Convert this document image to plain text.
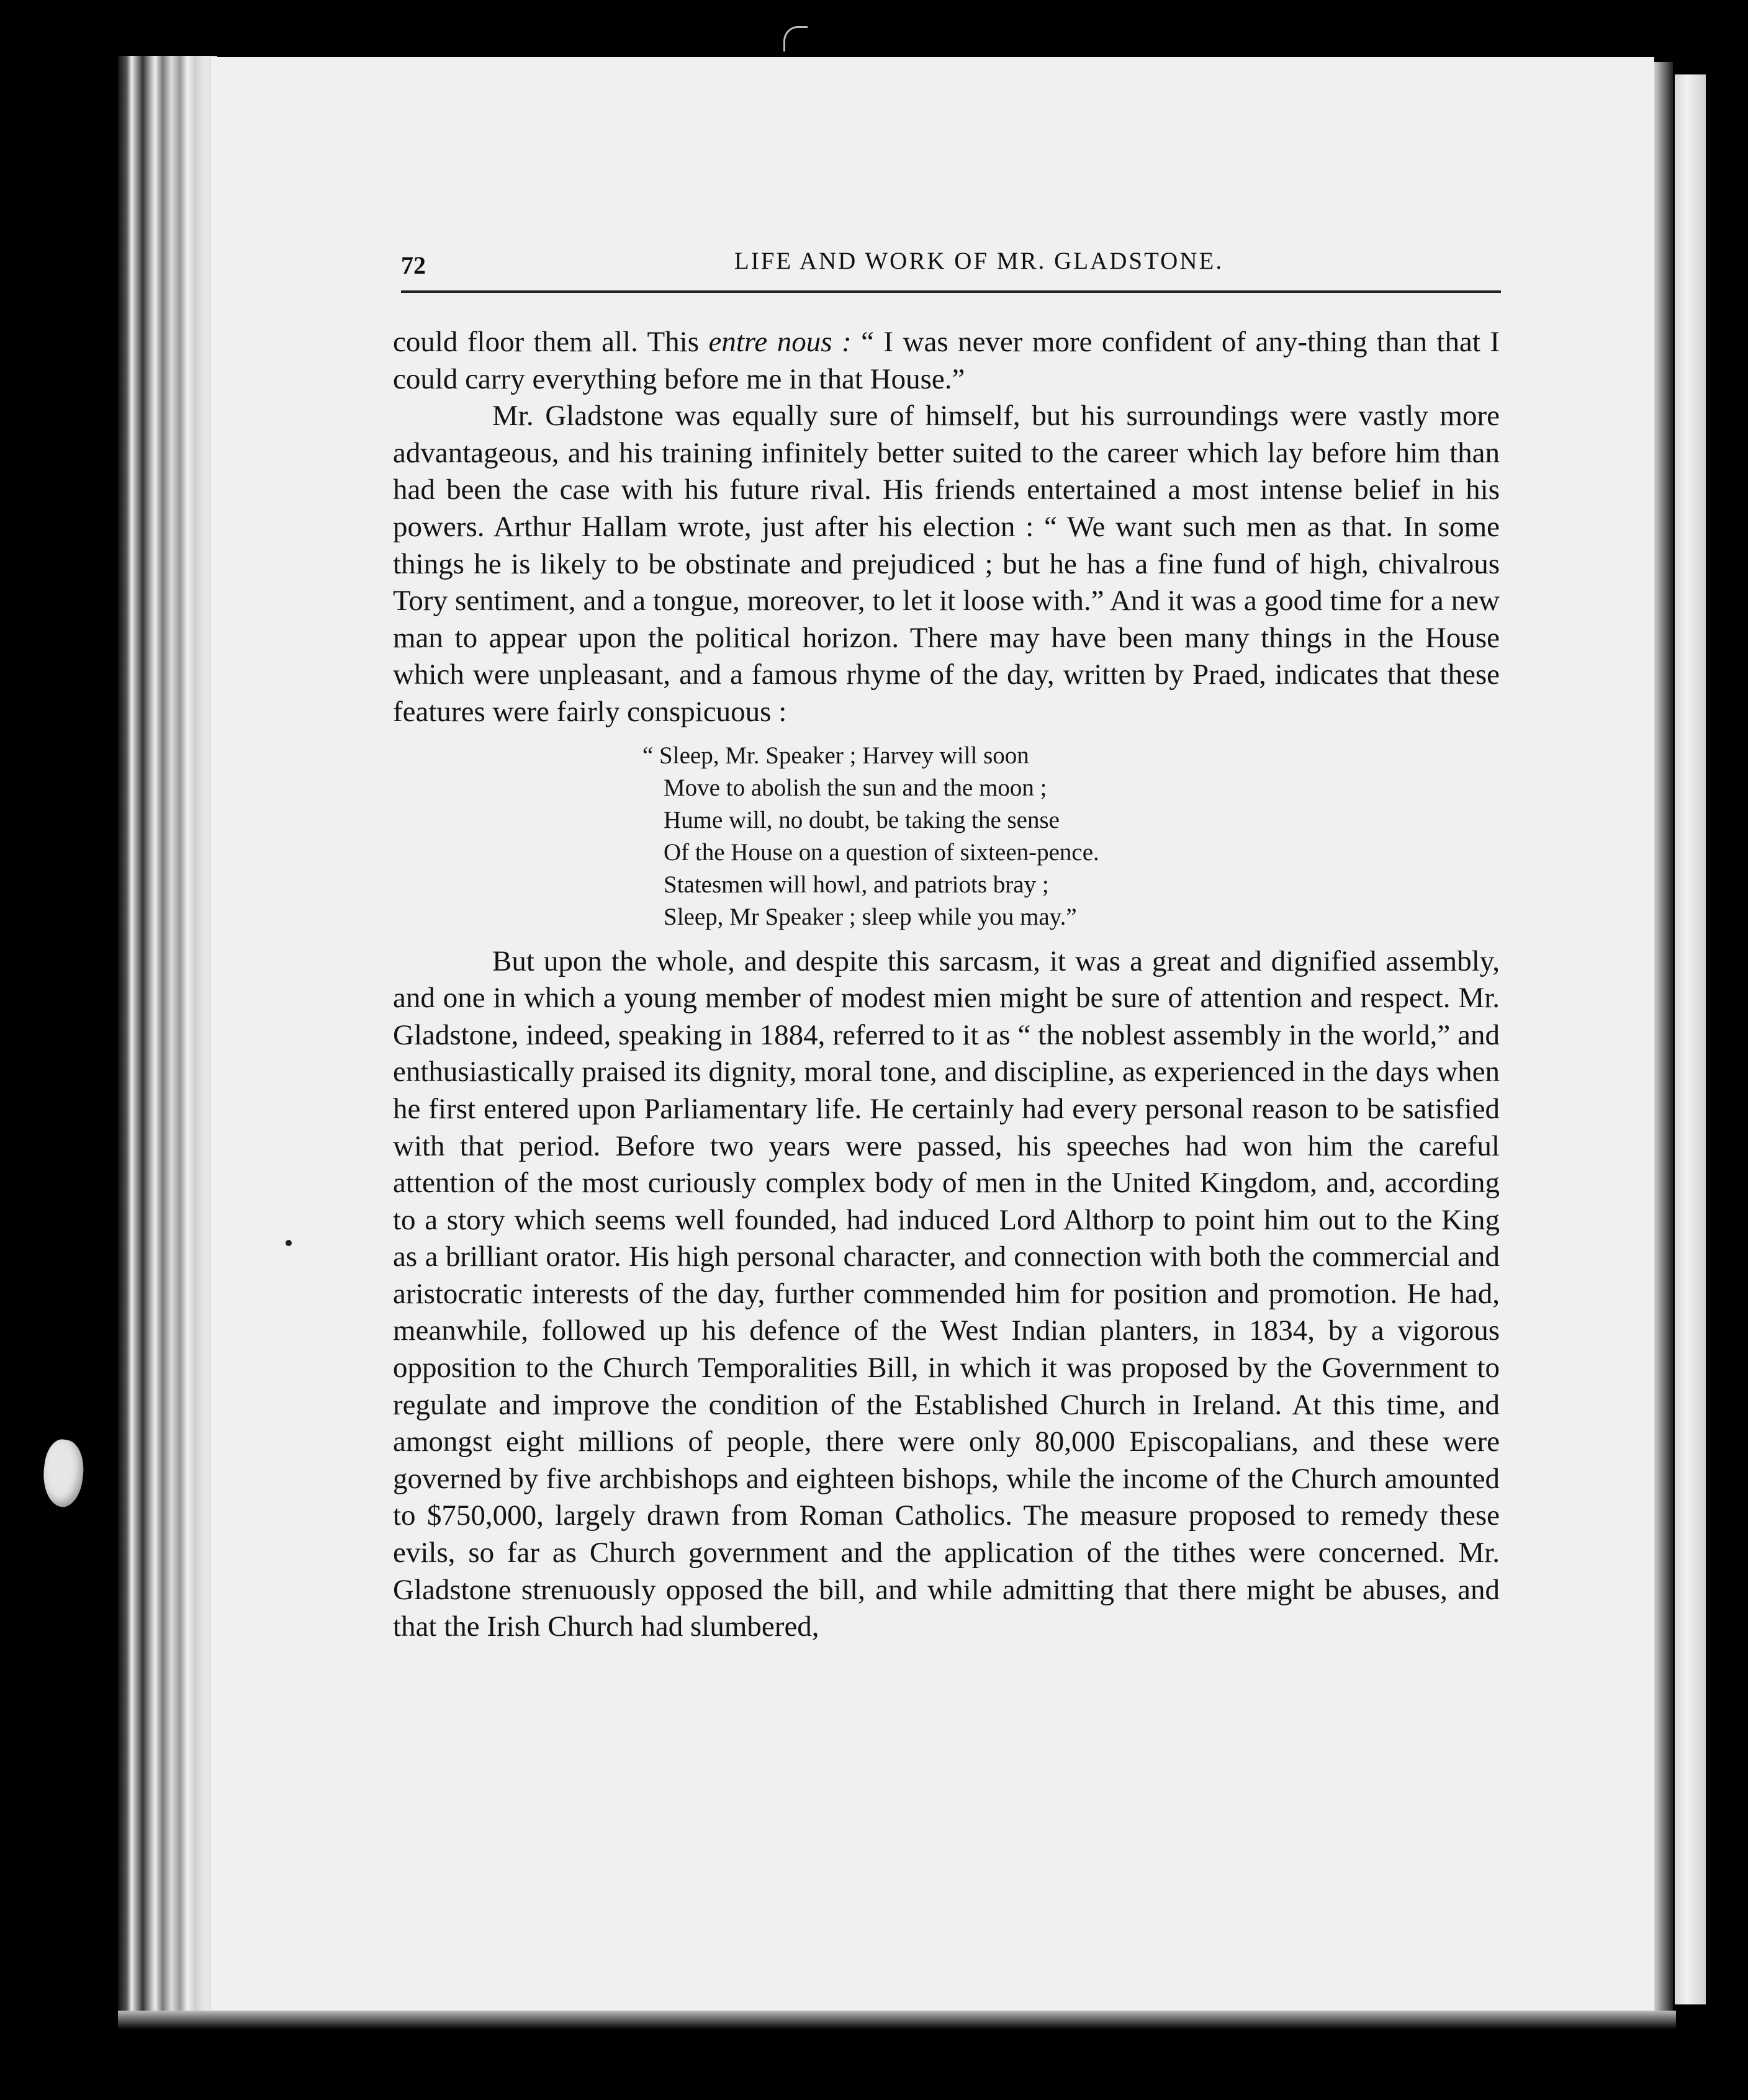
72	LIFE AND WORK OF MR. GLADSTONE.

could floor them all. This entre nous : “ I was never more confident of any-thing than that I could carry everything before me in that House.”

Mr. Gladstone was equally sure of himself, but his surroundings were vastly more advantageous, and his training infinitely better suited to the career which lay before him than had been the case with his future rival. His friends entertained a most intense belief in his powers. Arthur Hallam wrote, just after his election : “ We want such men as that. In some things he is likely to be obstinate and prejudiced ; but he has a fine fund of high, chivalrous Tory sentiment, and a tongue, moreover, to let it loose with.” And it was a good time for a new man to appear upon the political horizon. There may have been many things in the House which were unpleasant, and a famous rhyme of the day, written by Praed, indicates that these features were fairly conspicuous :

“ Sleep, Mr. Speaker ; Harvey will soon
Move to abolish the sun and the moon ;
Hume will, no doubt, be taking the sense
Of the House on a question of sixteen-pence.
Statesmen will howl, and patriots bray ;
Sleep, Mr Speaker ; sleep while you may.”

But upon the whole, and despite this sarcasm, it was a great and dignified assembly, and one in which a young member of modest mien might be sure of attention and respect. Mr. Gladstone, indeed, speaking in 1884, referred to it as “ the noblest assembly in the world,” and enthusiastically praised its dignity, moral tone, and discipline, as experienced in the days when he first entered upon Parliamentary life. He certainly had every personal reason to be satisfied with that period. Before two years were passed, his speeches had won him the careful attention of the most curiously complex body of men in the United Kingdom, and, according to a story which seems well founded, had induced Lord Althorp to point him out to the King as a brilliant orator. His high personal character, and connection with both the commercial and aristocratic interests of the day, further commended him for position and promotion. He had, meanwhile, followed up his defence of the West Indian planters, in 1834, by a vigorous opposition to the Church Temporalities Bill, in which it was proposed by the Government to regulate and improve the condition of the Established Church in Ireland. At this time, and amongst eight millions of people, there were only 80,000 Episcopalians, and these were governed by five archbishops and eighteen bishops, while the income of the Church amounted to $750,000, largely drawn from Roman Catholics. The measure proposed to remedy these evils, so far as Church government and the application of the tithes were concerned. Mr. Gladstone strenuously opposed the bill, and while admitting that there might be abuses, and that the Irish Church had slumbered,
